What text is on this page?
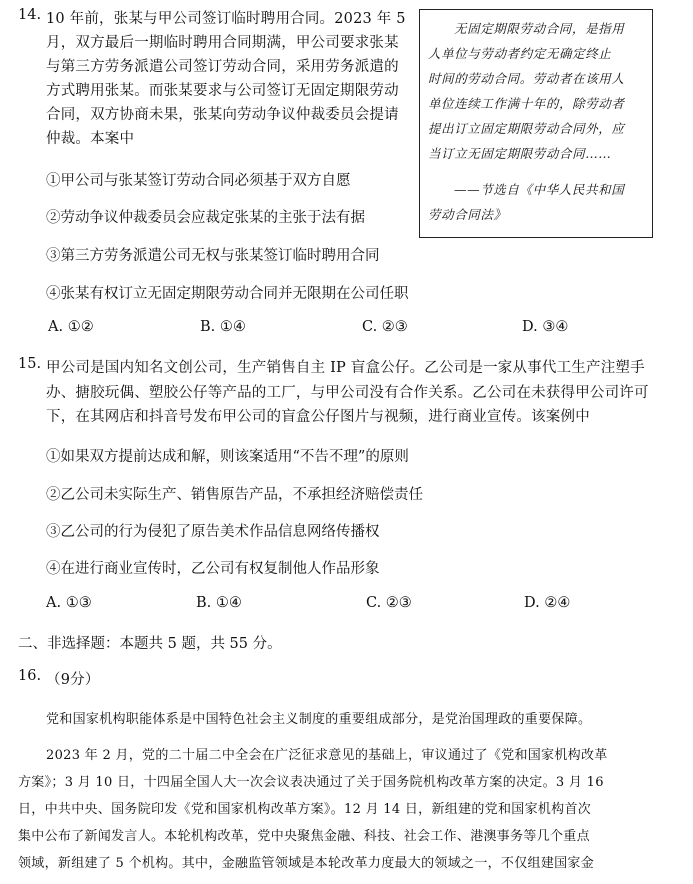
14. 10 年前，张某与甲公司签订临时聘用合同。2023 年 5
月，双方最后一期临时聘用合同期满，甲公司要求张某
与第三方劳务派遣公司签订劳动合同，采用劳务派遣的
方式聘用张某。而张某要求与公司签订无固定期限劳动
合同，双方协商未果，张某向劳动争议仲裁委员会提请
仲裁。本案中
无固定期限劳动合同，是指用
人单位与劳动者约定无确定终止
时间的劳动合同。劳动者在该用人
单位连续工作满十年的，除劳动者
提出订立固定期限劳动合同外，应
当订立无固定期限劳动合同……
——节选自《中华人民共和国
劳动合同法》
①甲公司与张某签订劳动合同必须基于双方自愿
②劳动争议仲裁委员会应裁定张某的主张于法有据
③第三方劳务派遣公司无权与张某签订临时聘用合同
④张某有权订立无固定期限劳动合同并无限期在公司任职
A. ①②	B. ①④	C. ②③	D. ③④
15. 甲公司是国内知名文创公司，生产销售自主 IP 盲盒公仔。乙公司是一家从事代工生产注塑手
办、搪胶玩偶、塑胶公仔等产品的工厂，与甲公司没有合作关系。乙公司在未获得甲公司许可
下，在其网店和抖音号发布甲公司的盲盒公仔图片与视频，进行商业宣传。该案例中
①如果双方提前达成和解，则该案适用“不告不理”的原则
②乙公司未实际生产、销售原告产品，不承担经济赔偿责任
③乙公司的行为侵犯了原告美术作品信息网络传播权
④在进行商业宣传时，乙公司有权复制他人作品形象
A. ①③	B. ①④	C. ②③	D. ②④
二、非选择题：本题共 5 题，共 55 分。
16. （9分）
党和国家机构职能体系是中国特色社会主义制度的重要组成部分，是党治国理政的重要保障。
2023 年 2 月，党的二十届二中全会在广泛征求意见的基础上，审议通过了《党和国家机构改革
方案》；3 月 10 日，十四届全国人大一次会议表决通过了关于国务院机构改革方案的决定。3 月 16
日，中共中央、国务院印发《党和国家机构改革方案》。12 月 14 日，新组建的党和国家机构首次
集中公布了新闻发言人。本轮机构改革，党中央聚焦金融、科技、社会工作、港澳事务等几个重点
领域，新组建了 5 个机构。其中，金融监管领域是本轮改革力度最大的领域之一，不仅组建国家金
